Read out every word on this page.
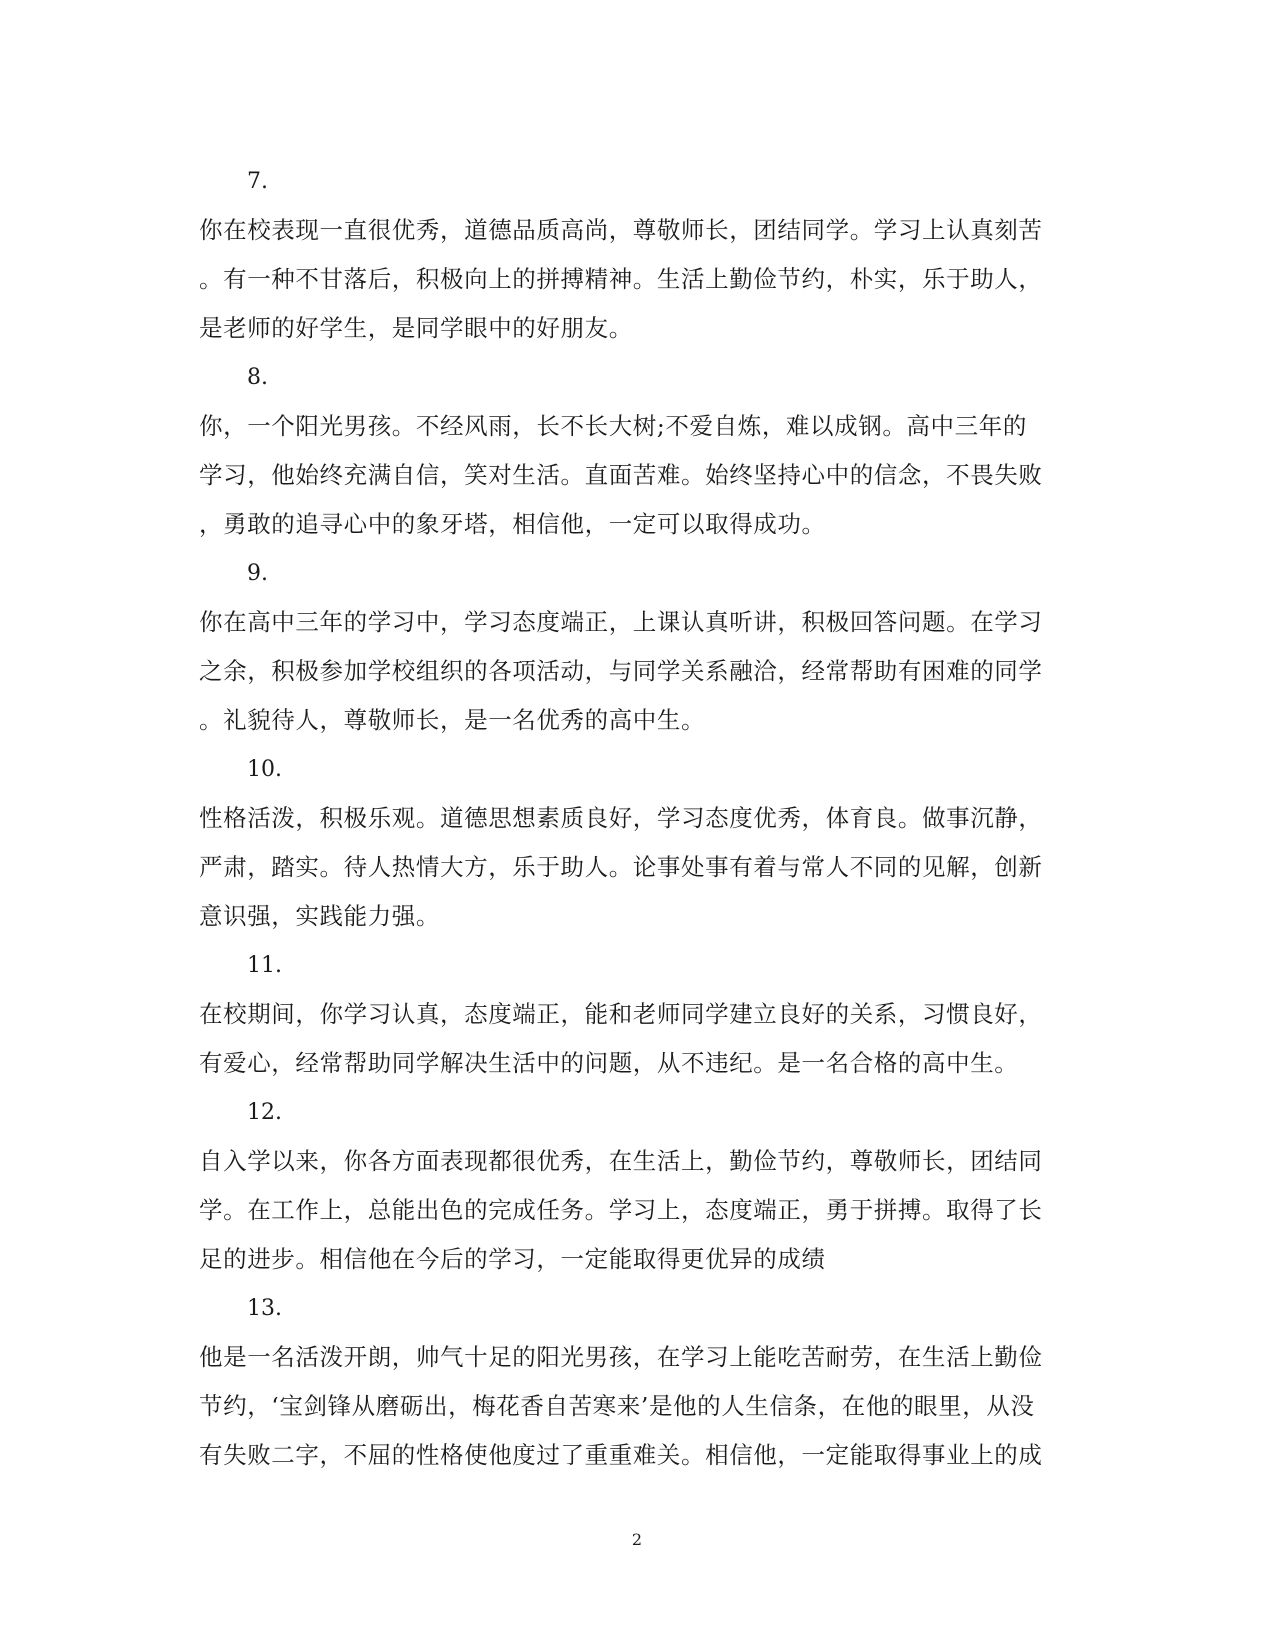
7.
你在校表现一直很优秀，道德品质高尚，尊敬师长，团结同学。学习上认真刻苦
。有一种不甘落后，积极向上的拼搏精神。生活上勤俭节约，朴实，乐于助人，
是老师的好学生，是同学眼中的好朋友。
8.
你，一个阳光男孩。不经风雨，长不长大树;不爱自炼，难以成钢。高中三年的
学习，他始终充满自信，笑对生活。直面苦难。始终坚持心中的信念，不畏失败
，勇敢的追寻心中的象牙塔，相信他，一定可以取得成功。
9.
你在高中三年的学习中，学习态度端正，上课认真听讲，积极回答问题。在学习
之余，积极参加学校组织的各项活动，与同学关系融洽，经常帮助有困难的同学
。礼貌待人，尊敬师长，是一名优秀的高中生。
10.
性格活泼，积极乐观。道德思想素质良好，学习态度优秀，体育良。做事沉静，
严肃，踏实。待人热情大方，乐于助人。论事处事有着与常人不同的见解，创新
意识强，实践能力强。
11.
在校期间，你学习认真，态度端正，能和老师同学建立良好的关系，习惯良好，
有爱心，经常帮助同学解决生活中的问题，从不违纪。是一名合格的高中生。
12.
自入学以来，你各方面表现都很优秀，在生活上，勤俭节约，尊敬师长，团结同
学。在工作上，总能出色的完成任务。学习上，态度端正，勇于拼搏。取得了长
足的进步。相信他在今后的学习，一定能取得更优异的成绩
13.
他是一名活泼开朗，帅气十足的阳光男孩，在学习上能吃苦耐劳，在生活上勤俭
节约，‘宝剑锋从磨砺出，梅花香自苦寒来’是他的人生信条，在他的眼里，从没
有失败二字，不屈的性格使他度过了重重难关。相信他，一定能取得事业上的成
2
